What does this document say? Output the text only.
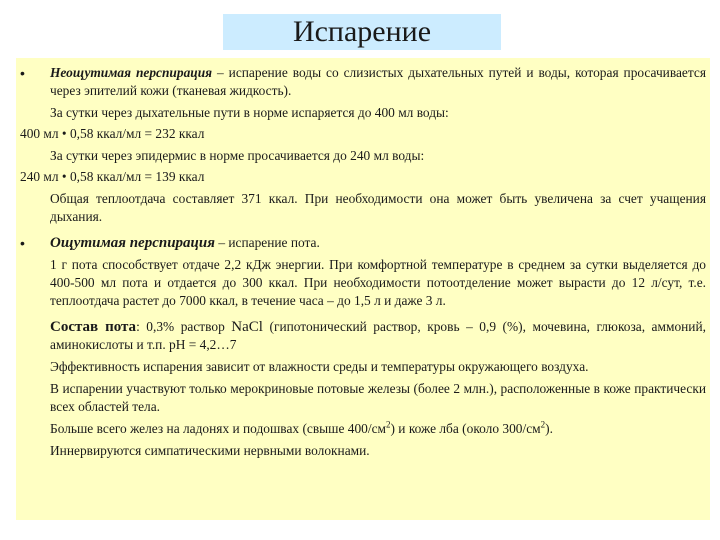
Испарение
• Неощутимая перспирация – испарение воды со слизистых дыхательных путей и воды, которая просачивается через эпителий кожи (тканевая жидкость).
За сутки через дыхательные пути в норме испаряется до 400 мл воды:
400 мл • 0,58 ккал/мл = 232 ккал
За сутки через эпидермис в норме просачивается до 240 мл воды:
240 мл • 0,58 ккал/мл = 139 ккал
Общая теплоотдача составляет 371 ккал. При необходимости она может быть увеличена за счет учащения дыхания.
• Ощутимая перспирация – испарение пота.
1 г пота способствует отдаче 2,2 кДж энергии. При комфортной температуре в среднем за сутки выделяется до 400-500 мл пота и отдается до 300 ккал. При необходимости потоотделение может вырасти до 12 л/сут, т.е. теплоотдача растет до 7000 ккал, в течение часа – до 1,5 л и даже 3 л.
Состав пота: 0,3% раствор NaCl (гипотонический раствор, кровь – 0,9 (%), мочевина, глюкоза, аммоний, аминокислоты и т.п. рН = 4,2…7
Эффективность испарения зависит от влажности среды и температуры окружающего воздуха.
В испарении участвуют только мерокриновые потовые железы (более 2 млн.), расположенные в коже практически всех областей тела.
Больше всего желез на ладонях и подошвах (свыше $400/см^2$) и коже лба (около $300/см^2$).
Иннервируются симпатическими нервными волокнами.
